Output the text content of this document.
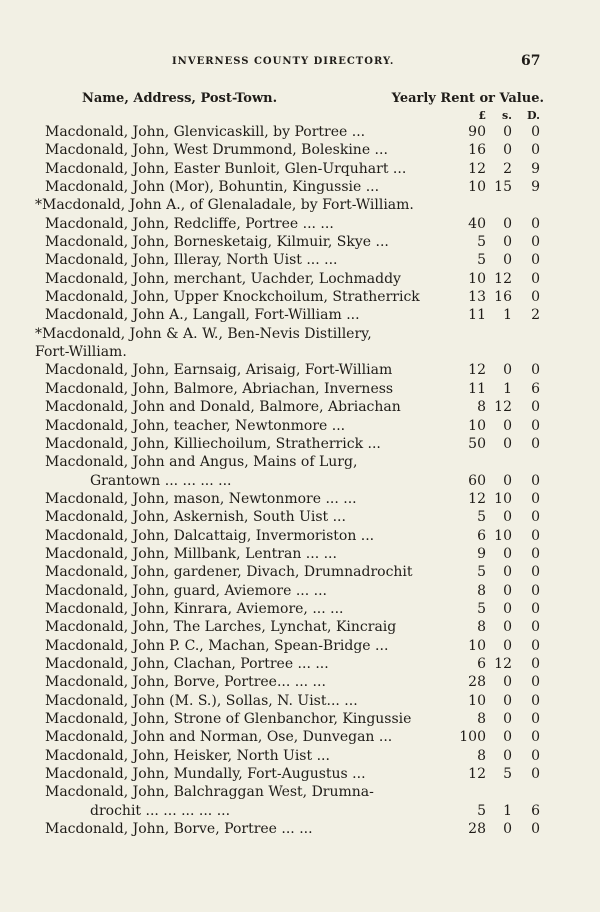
INVERNESS COUNTY DIRECTORY.	67
Name, Address, Post-Town.	Yearly Rent or Value.
£ s. D.
Macdonald, John, Glenvicaskill, by Portree ...	90 0 0
Macdonald, John, West Drummond, Boleskine ...	16 0 0
Macdonald, John, Easter Bunloit, Glen-Urquhart ...	12 2 9
Macdonald, John (Mor), Bohuntin, Kingussie ...	10 15 9
*Macdonald, John A., of Glenaladale, by Fort-William.
Macdonald, John, Redcliffe, Portree ... ...	40 0 0
Macdonald, John, Bornesketaig, Kilmuir, Skye ...	5 0 0
Macdonald, John, Illeray, North Uist ... ...	5 0 0
Macdonald, John, merchant, Uachder, Lochmaddy	10 12 0
Macdonald, John, Upper Knockchoilum, Stratherrick	13 16 0
Macdonald, John A., Langall, Fort-William ...	11 1 2
*Macdonald, John & A. W., Ben-Nevis Distillery,
Fort-William.
Macdonald, John, Earnsaig, Arisaig, Fort-William	12 0 0
Macdonald, John, Balmore, Abriachan, Inverness	11 1 6
Macdonald, John and Donald, Balmore, Abriachan	8 12 0
Macdonald, John, teacher, Newtonmore ...	10 0 0
Macdonald, John, Killiechoilum, Stratherrick ...	50 0 0
Macdonald, John and Angus, Mains of Lurg,
Grantown ... ... ... ...	60 0 0
Macdonald, John, mason, Newtonmore ... ...	12 10 0
Macdonald, John, Askernish, South Uist ...	5 0 0
Macdonald, John, Dalcattaig, Invermoriston ...	6 10 0
Macdonald, John, Millbank, Lentran ... ...	9 0 0
Macdonald, John, gardener, Divach, Drumnadrochit	5 0 0
Macdonald, John, guard, Aviemore ... ...	8 0 0
Macdonald, John, Kinrara, Aviemore, ... ...	5 0 0
Macdonald, John, The Larches, Lynchat, Kincraig	8 0 0
Macdonald, John P. C., Machan, Spean-Bridge ...	10 0 0
Macdonald, John, Clachan, Portree ... ...	6 12 0
Macdonald, John, Borve, Portree... ... ...	28 0 0
Macdonald, John (M. S.), Sollas, N. Uist... ...	10 0 0
Macdonald, John, Strone of Glenbanchor, Kingussie	8 0 0
Macdonald, John and Norman, Ose, Dunvegan ...	100 0 0
Macdonald, John, Heisker, North Uist ...	8 0 0
Macdonald, John, Mundally, Fort-Augustus ...	12 5 0
Macdonald, John, Balchraggan West, Drumna-
drochit ... ... ... ... ...	5 1 6
Macdonald, John, Borve, Portree ... ...	28 0 0
